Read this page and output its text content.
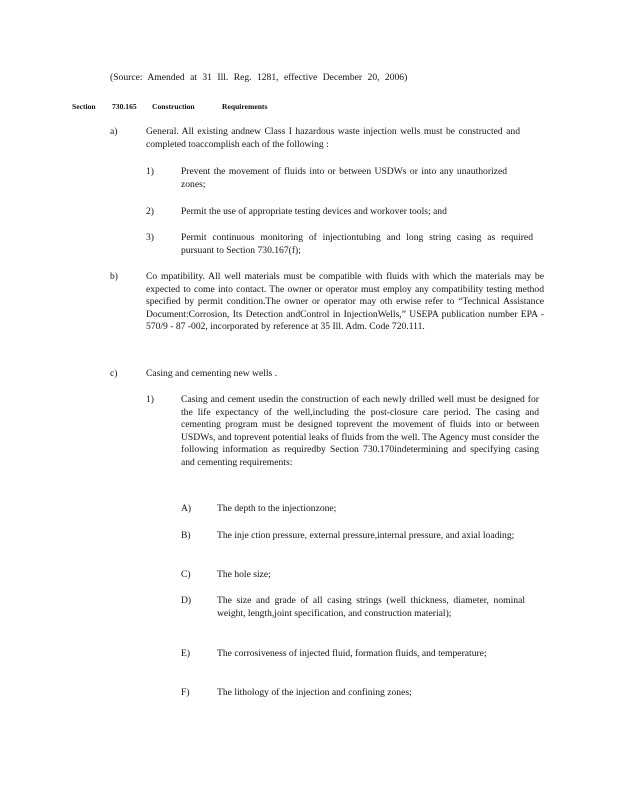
(Source: Amended at 31 Ill. Reg. 1281, effective December 20, 2006)
Section 730.165 Construction	Requirements
a)	General. All existing andnew Class I hazardous waste injection wells must be constructed and completed toaccomplish each of the following :
1)	Prevent the movement of fluids into or between USDWs or into any unauthorized zones;
2)	Permit the use of appropriate testing devices and workover tools; and
3)	Permit continuous monitoring of injectiontubing and long string casing as required pursuant to Section 730.167(f);
b)	Co mpatibility. All well materials must be compatible with fluids with which the materials may be expected to come into contact. The owner or operator must employ any compatibility testing method specified by permit condition.The owner or operator may oth erwise refer to “Technical Assistance Document:Corrosion, Its Detection andControl in InjectionWells,” USEPA publication number EPA - 570/9 - 87 -002, incorporated by reference at 35 Ill. Adm. Code 720.111.
c)	Casing and cementing new wells .
1)	Casing and cement usedin the construction of each newly drilled well must be designed for the life expectancy of the well,including the post-closure care period. The casing and cementing program must be designed toprevent the movement of fluids into or between USDWs, and toprevent potential leaks of fluids from the well. The Agency must consider the following information as requiredby Section 730.170indetermining and specifying casing and cementing requirements:
A)	The depth to the injectionzone;
B)	The inje ction pressure, external pressure,internal pressure, and axial loading;
C)	The hole size;
D)	The size and grade of all casing strings (well thickness, diameter, nominal weight, length,joint specification, and construction material);
E)	The corrosiveness of injected fluid, formation fluids, and temperature;
F)	The lithology of the injection and confining zones;
